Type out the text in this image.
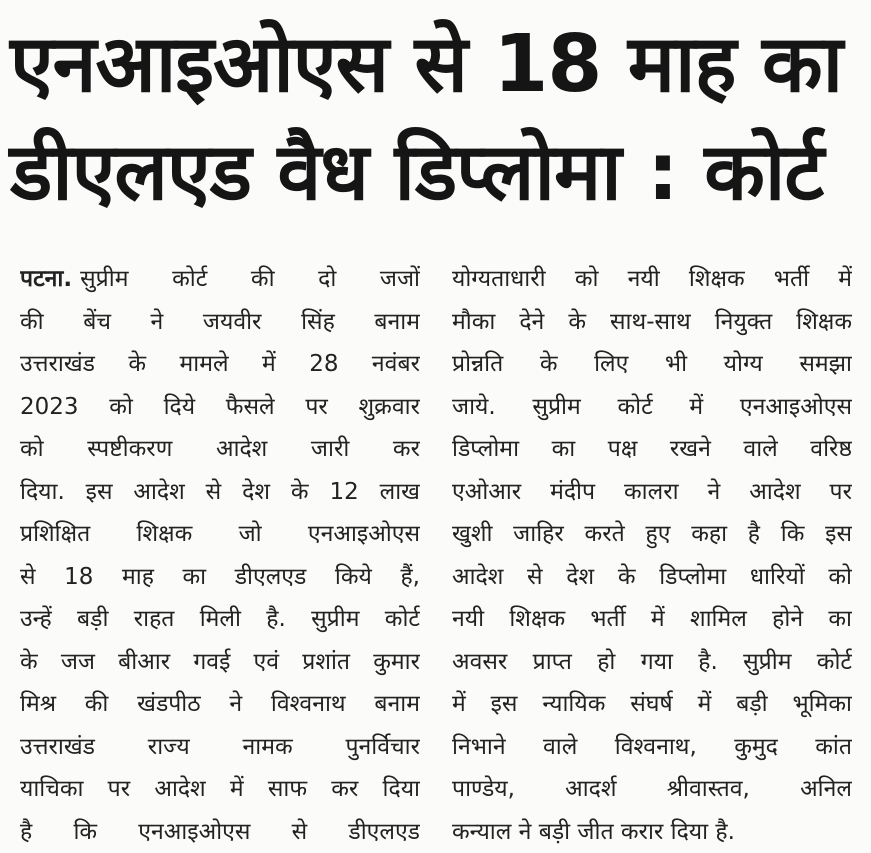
एनआइओएस से 18 माह का
डीएलएड वैध डिप्लोमा : कोर्ट
पटना. सुप्रीम कोर्ट की दो जजों
की बेंच ने जयवीर सिंह बनाम
उत्तराखंड के मामले में 28 नवंबर
2023 को दिये फैसले पर शुक्रवार
को स्पष्टीकरण आदेश जारी कर
दिया. इस आदेश से देश के 12 लाख
प्रशिक्षित शिक्षक जो एनआइओएस
से 18 माह का डीएलएड किये हैं,
उन्हें बड़ी राहत मिली है. सुप्रीम कोर्ट
के जज बीआर गवई एवं प्रशांत कुमार
मिश्र की खंडपीठ ने विश्वनाथ बनाम
उत्तराखंड राज्य नामक पुनर्विचार
याचिका पर आदेश में साफ कर दिया
है कि एनआइओएस से डीएलएड
योग्यताधारी को नयी शिक्षक भर्ती में
मौका देने के साथ-साथ नियुक्त शिक्षक
प्रोन्नति के लिए भी योग्य समझा
जाये. सुप्रीम कोर्ट में एनआइओएस
डिप्लोमा का पक्ष रखने वाले वरिष्ठ
एओआर मंदीप कालरा ने आदेश पर
खुशी जाहिर करते हुए कहा है कि इस
आदेश से देश के डिप्लोमा धारियों को
नयी शिक्षक भर्ती में शामिल होने का
अवसर प्राप्त हो गया है. सुप्रीम कोर्ट
में इस न्यायिक संघर्ष में बड़ी भूमिका
निभाने वाले विश्वनाथ, कुमुद कांत
पाण्डेय, आदर्श श्रीवास्तव, अनिल
कन्याल ने बड़ी जीत करार दिया है.
